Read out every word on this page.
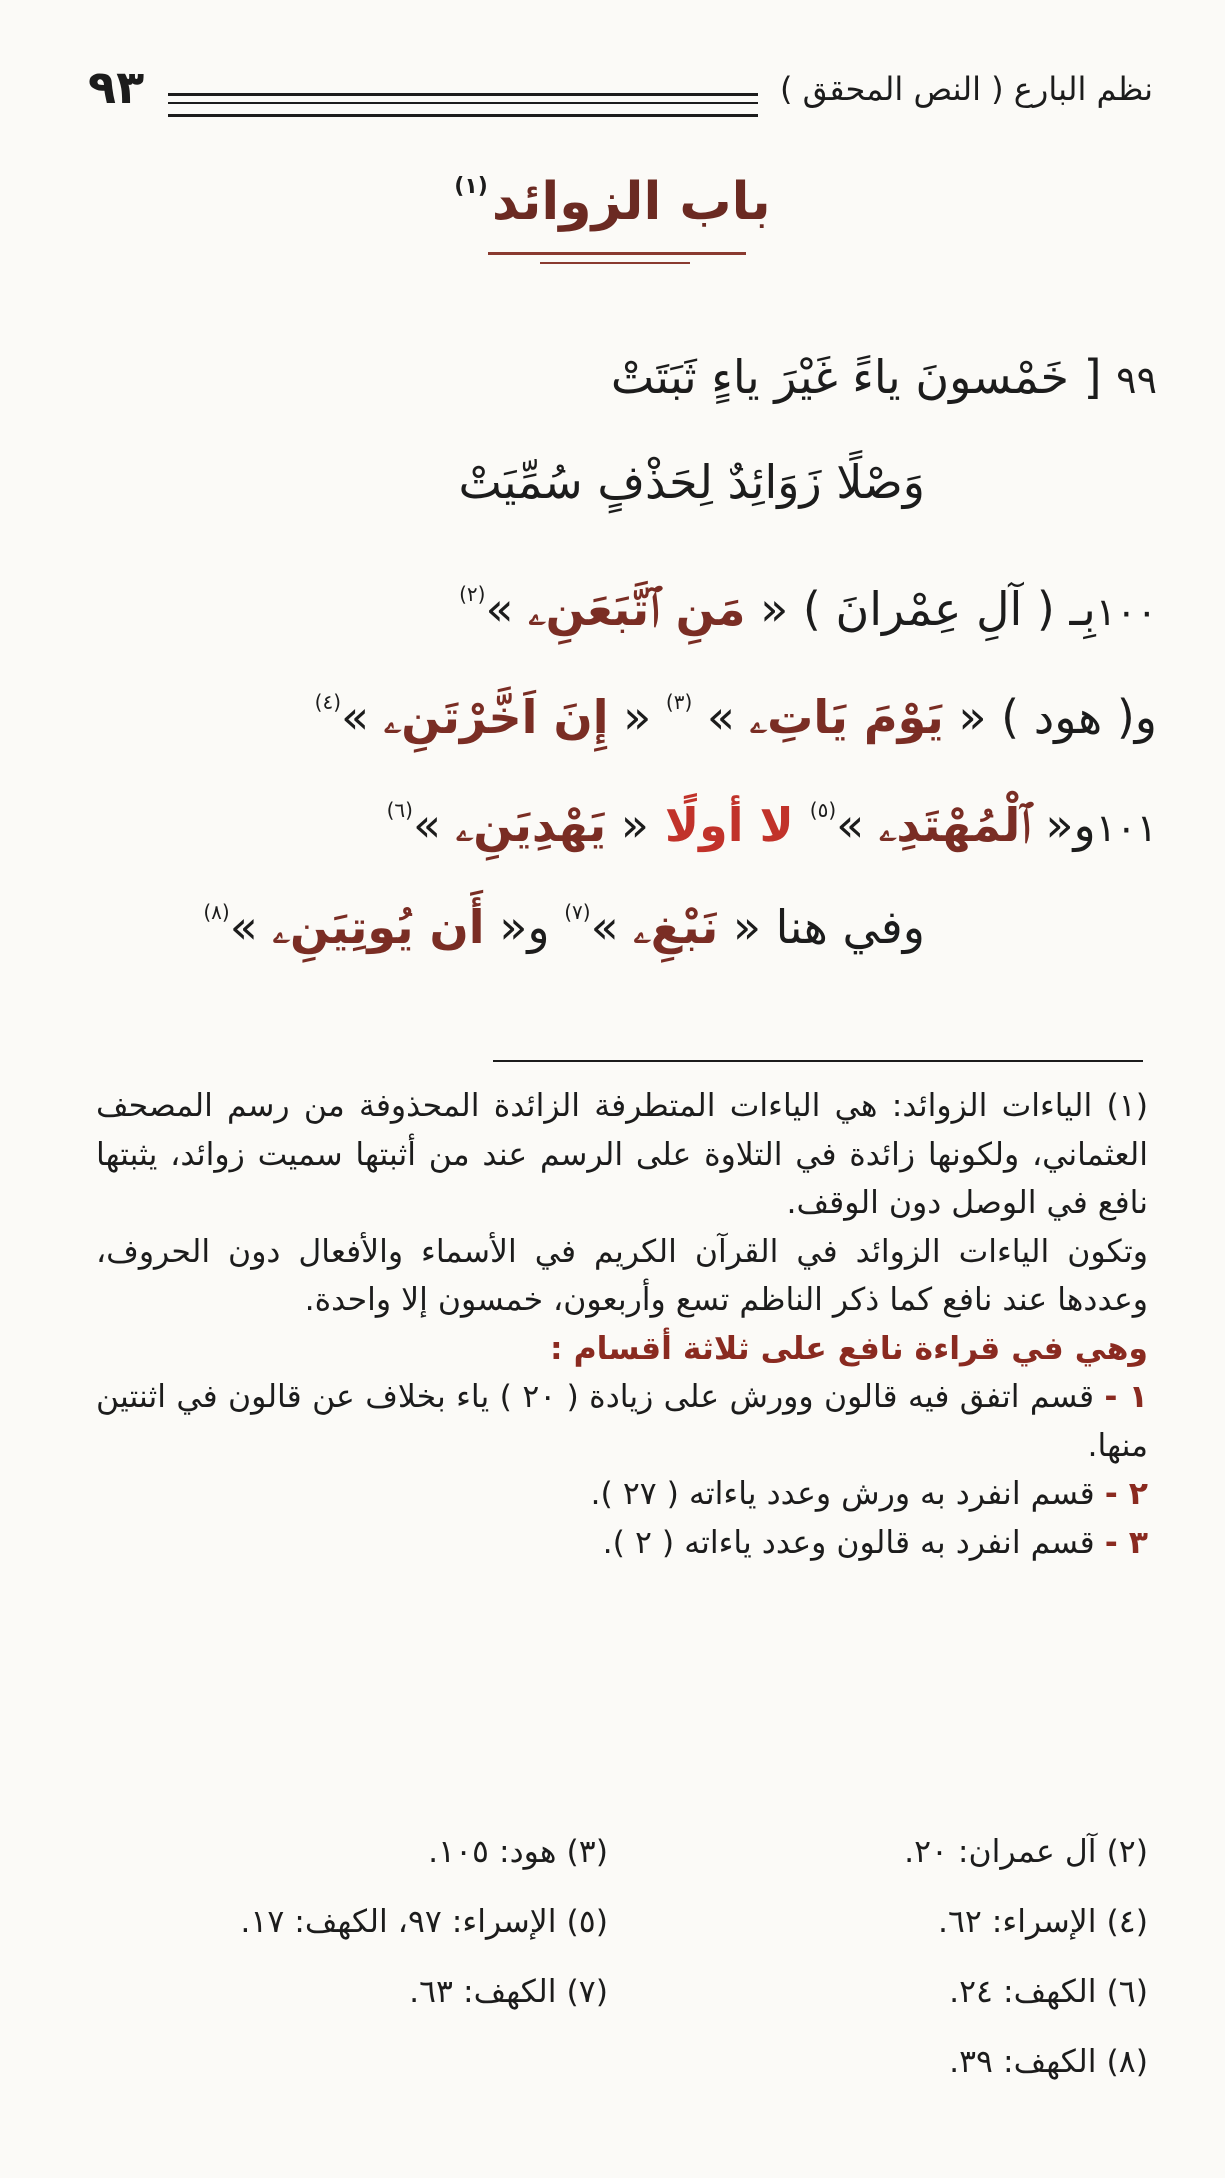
نظم البارع ( النص المحقق )
٩٣
باب الزوائد$^{(١)}$
٩٩ [ خَمْسونَ ياءً غَيْرَ ياءٍ ثَبَتَتْ
وَصْلًا زَوَائِدٌ لِحَذْفٍ سُمِّيَتْ
١٠٠بِـ ( آلِ عِمْرانَ ) « مَنِ ٱتَّبَعَنِۦ »$^{(٢)}$
و( هود ) « يَوْمَ يَاتِۦ » $^{(٣)}$ « إِنَ اَخَّرْتَنِۦ »$^{(٤)}$
١٠١و« ٱلْمُهْتَدِۦ »$^{(٥)}$ لا أولًا « يَهْدِيَنِۦ »$^{(٦)}$
وفي هنا « نَبْغِۦ »$^{(٧)}$ و« أَن يُوتِيَنِۦ »$^{(٨)}$

(١) الياءات الزوائد: هي الياءات المتطرفة الزائدة المحذوفة من رسم المصحف العثماني، ولكونها زائدة في التلاوة على الرسم عند من أثبتها سميت زوائد، يثبتها نافع في الوصل دون الوقف.

وتكون الياءات الزوائد في القرآن الكريم في الأسماء والأفعال دون الحروف، وعددها عند نافع كما ذكر الناظم تسع وأربعون، خمسون إلا واحدة.

وهي في قراءة نافع على ثلاثة أقسام :

١ - قسم اتفق فيه قالون وورش على زيادة ( ٢٠ ) ياء بخلاف عن قالون في اثنتين منها.

٢ - قسم انفرد به ورش وعدد ياءاته ( ٢٧ ).

٣ - قسم انفرد به قالون وعدد ياءاته ( ٢ ).

(٢) آل عمران: ٢٠.
(٣) هود: ١٠٥.
(٤) الإسراء: ٦٢.
(٥) الإسراء: ٩٧، الكهف: ١٧.
(٦) الكهف: ٢٤.
(٧) الكهف: ٦٣.
(٨) الكهف: ٣٩.
